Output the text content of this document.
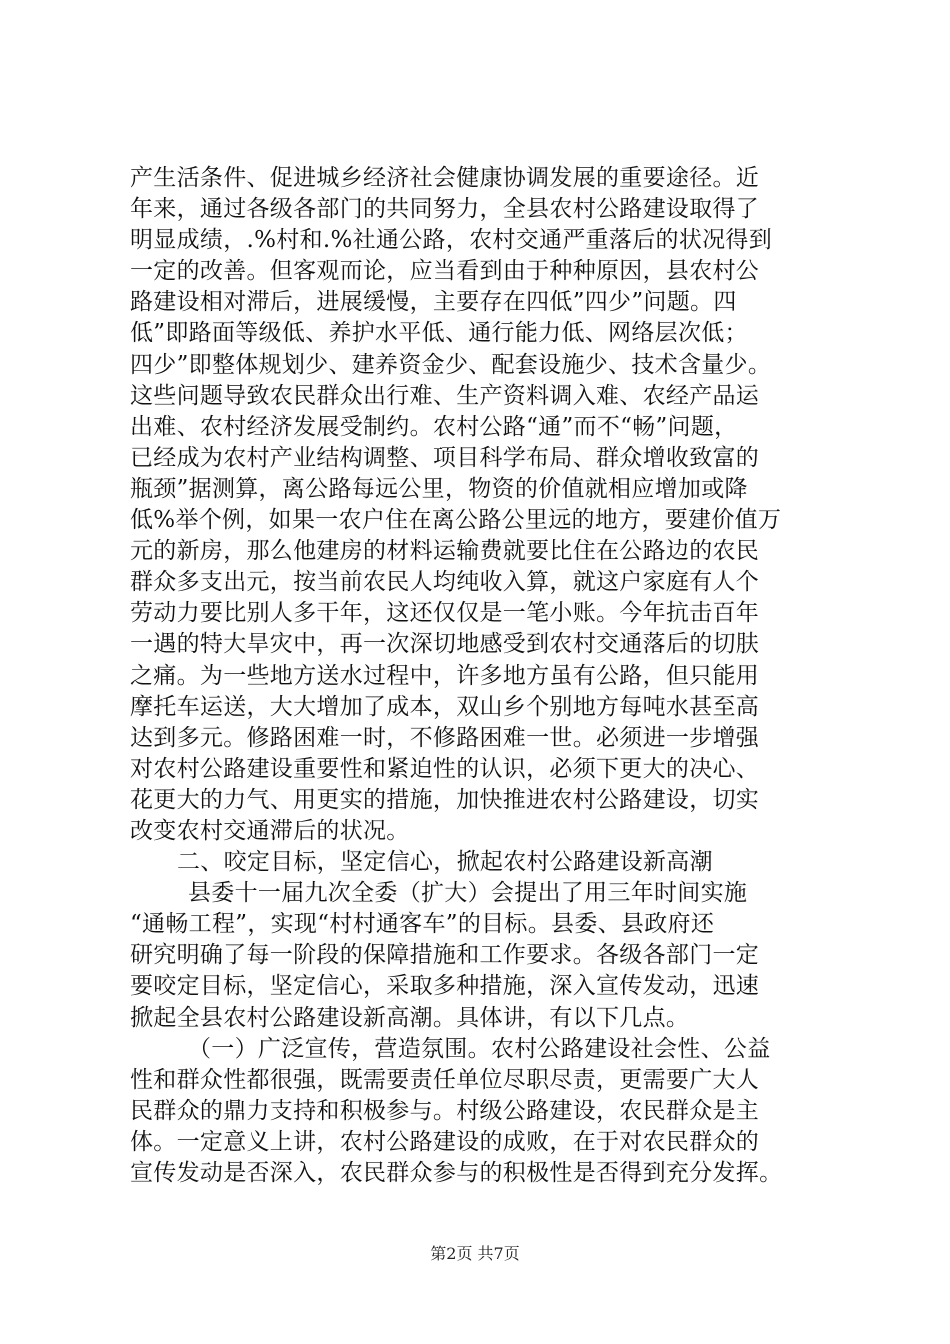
产生活条件、促进城乡经济社会健康协调发展的重要途径。近
年来，通过各级各部门的共同努力，全县农村公路建设取得了
明显成绩，.%村和.%社通公路，农村交通严重落后的状况得到
一定的改善。但客观而论，应当看到由于种种原因，县农村公
路建设相对滞后，进展缓慢，主要存在四低”四少”问题。四
低”即路面等级低、养护水平低、通行能力低、网络层次低；
四少”即整体规划少、建养资金少、配套设施少、技术含量少。
这些问题导致农民群众出行难、生产资料调入难、农经产品运
出难、农村经济发展受制约。农村公路“通”而不“畅”问题，
已经成为农村产业结构调整、项目科学布局、群众增收致富的
瓶颈”据测算，离公路每远公里，物资的价值就相应增加或降
低%举个例，如果一农户住在离公路公里远的地方，要建价值万
元的新房，那么他建房的材料运输费就要比住在公路边的农民
群众多支出元，按当前农民人均纯收入算，就这户家庭有人个
劳动力要比别人多干年，这还仅仅是一笔小账。今年抗击百年
一遇的特大旱灾中，再一次深切地感受到农村交通落后的切肤
之痛。为一些地方送水过程中，许多地方虽有公路，但只能用
摩托车运送，大大增加了成本，双山乡个别地方每吨水甚至高
达到多元。修路困难一时，不修路困难一世。必须进一步增强
对农村公路建设重要性和紧迫性的认识，必须下更大的决心、
花更大的力气、用更实的措施，加快推进农村公路建设，切实
改变农村交通滞后的状况。
二、咬定目标，坚定信心，掀起农村公路建设新高潮
县委十一届九次全委（扩大）会提出了用三年时间实施
“通畅工程”，实现“村村通客车”的目标。县委、县政府还
研究明确了每一阶段的保障措施和工作要求。各级各部门一定
要咬定目标，坚定信心，采取多种措施，深入宣传发动，迅速
掀起全县农村公路建设新高潮。具体讲，有以下几点。
（一）广泛宣传，营造氛围。农村公路建设社会性、公益
性和群众性都很强，既需要责任单位尽职尽责，更需要广大人
民群众的鼎力支持和积极参与。村级公路建设，农民群众是主
体。一定意义上讲，农村公路建设的成败，在于对农民群众的
宣传发动是否深入，农民群众参与的积极性是否得到充分发挥。
第2页 共7页
